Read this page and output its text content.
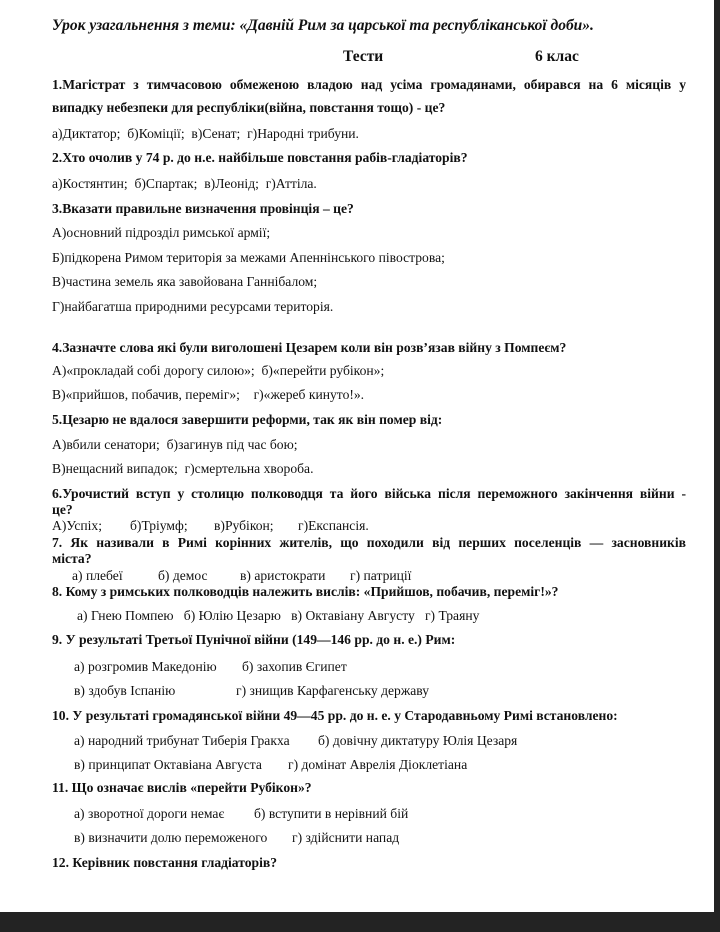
Урок узагальнення з теми: «Давній Рим за царської та республіканської доби».
Тести	6 клас
1.Магістрат з тимчасовою обмеженою владою над усіма громадянами, обирався на 6 місяців у
випадку небезпеки для республіки(війна, повстання тощо) - це?
а)Диктатор; б)Комiції; в)Сенат; г)Народні трибуни.
2.Хто очолив у 74 р. до н.е. найбільше повстання рабів-гладіаторів?
а)Костянтин; б)Спартак; в)Леонід; г)Аттіла.
3.Вказати правильне визначення провінція – це?
А)основний підрозділ римської армії;
Б)підкорена Римом територія за межами Апеннінського півострова;
В)частина земель яка завойована Ганнібалом;
Г)найбагатша природними ресурсами територія.
4.Зазначте слова які були виголошені Цезарем коли він розв’язав війну з Помпеєм?
А)«прокладай собі дорогу силою»; б)«перейти рубікон»;
В)«прийшов, побачив, переміг»; г)«жереб кинуто!».
5.Цезарю не вдалося завершити реформи, так як він помер від:
А)вбили сенатори; б)загинув під час бою;
В)нещасний випадок; г)смертельна хвороба.
6.Урочистий вступ у столицю полководця та його війська після переможного закінчення війни -
це?
А)Успіх; б)Тріумф; в)Рубікон; г)Експансія.
7. Як називали в Римі корінних жителів, що походили від перших поселенців — засновників
міста?
а) плебеї	б) демос в) аристократи г) патриції
8. Кому з римських полководців належить вислів: «Прийшов, побачив, переміг!»?
а) Гнею Помпею б) Юлію Цезарю в) Октавіану Августу г) Траяну
9. У результаті Третьої Пунічної війни (149—146 рр. до н. е.) Рим:
а) розгромив Македонію б) захопив Єгипет
в) здобув Іспанію	г) знищив Карфагенську державу
10. У результаті громадянської війни 49—45 рр. до н. е. у Стародавньому Римі встановлено:
а) народний трибунат Тиберія Гракха б) довічну диктатуру Юлія Цезаря
в) принципат Октавіана Августа г) домінат Аврелія Діоклетіана
11. Що означає вислів «перейти Рубікон»?
а) зворотної дороги немає б) вступити в нерівний бій
в) визначити долю переможеного г) здійснити напад
12. Керівник повстання гладіаторів?
